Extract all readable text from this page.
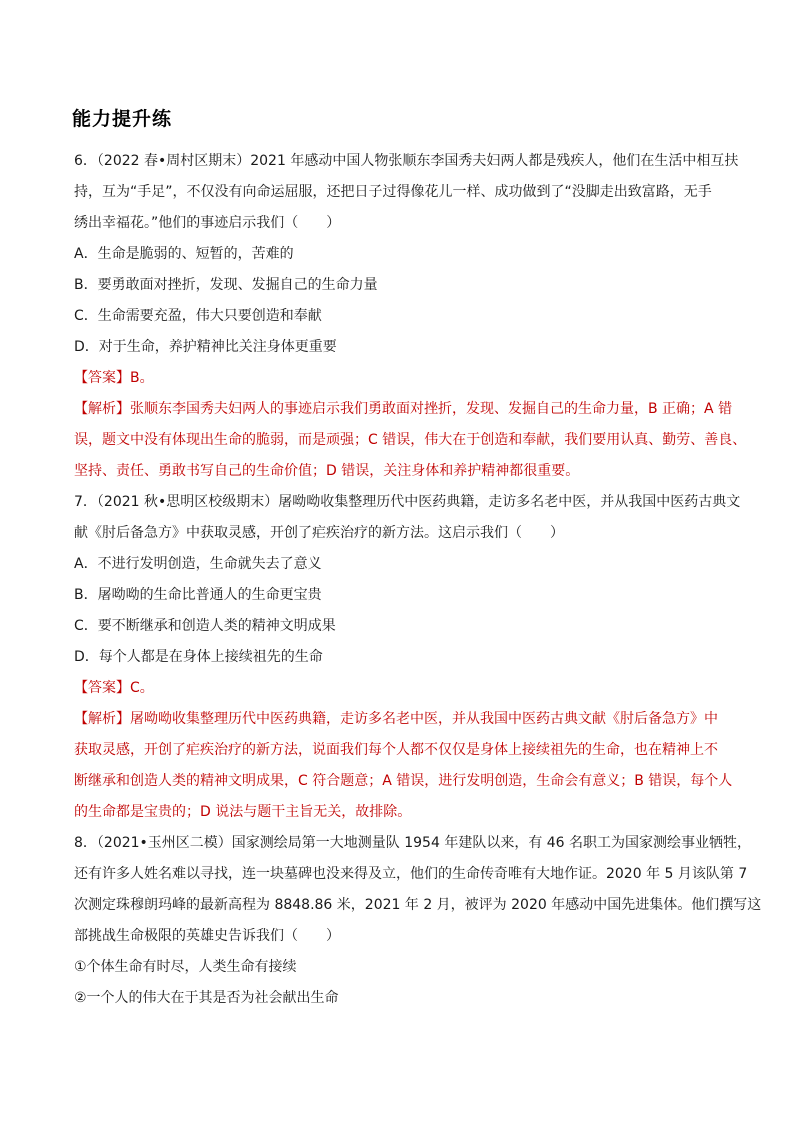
能力提升练
6．（2022 春•周村区期末）2021 年感动中国人物张顺东李国秀夫妇两人都是残疾人，他们在生活中相互扶
持，互为“手足”，不仅没有向命运屈服，还把日子过得像花儿一样、成功做到了“没脚走出致富路，无手
绣出幸福花。”他们的事迹启示我们（　　）
A．生命是脆弱的、短暂的，苦难的
B．要勇敢面对挫折，发现、发掘自己的生命力量
C．生命需要充盈，伟大只要创造和奉献
D．对于生命，养护精神比关注身体更重要
【答案】B。
【解析】张顺东李国秀夫妇两人的事迹启示我们勇敢面对挫折，发现、发掘自己的生命力量，B 正确；A 错
误，题文中没有体现出生命的脆弱，而是顽强；C 错误，伟大在于创造和奉献，我们要用认真、勤劳、善良、
坚持、责任、勇敢书写自己的生命价值；D 错误，关注身体和养护精神都很重要。
7．（2021 秋•思明区校级期末）屠呦呦收集整理历代中医药典籍，走访多名老中医，并从我国中医药古典文
献《肘后备急方》中获取灵感，开创了疟疾治疗的新方法。这启示我们（　　）
A．不进行发明创造，生命就失去了意义
B．屠呦呦的生命比普通人的生命更宝贵
C．要不断继承和创造人类的精神文明成果
D．每个人都是在身体上接续祖先的生命
【答案】C。
【解析】屠呦呦收集整理历代中医药典籍，走访多名老中医，并从我国中医药古典文献《肘后备急方》中
获取灵感，开创了疟疾治疗的新方法，说面我们每个人都不仅仅是身体上接续祖先的生命，也在精神上不
断继承和创造人类的精神文明成果，C 符合题意；A 错误，进行发明创造，生命会有意义；B 错误，每个人
的生命都是宝贵的；D 说法与题干主旨无关，故排除。
8．（2021•玉州区二模）国家测绘局第一大地测量队 1954 年建队以来，有 46 名职工为国家测绘事业牺牲，
还有许多人姓名难以寻找，连一块墓碑也没来得及立，他们的生命传奇唯有大地作证。2020 年 5 月该队第 7
次测定珠穆朗玛峰的最新高程为 8848.86 米，2021 年 2 月，被评为 2020 年感动中国先进集体。他们撰写这
部挑战生命极限的英雄史告诉我们（　　）
①个体生命有时尽，人类生命有接续
②一个人的伟大在于其是否为社会献出生命
